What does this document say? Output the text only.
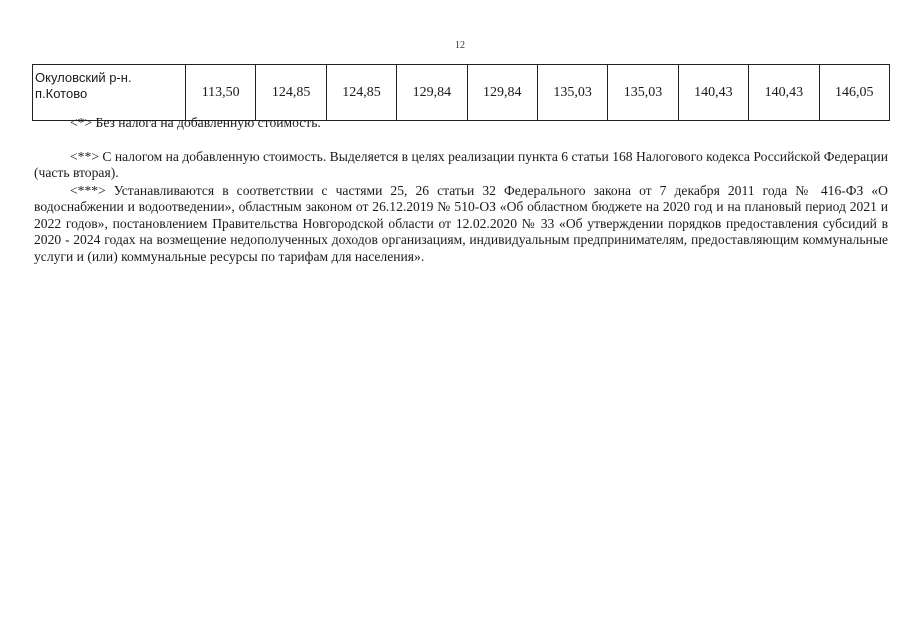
12
Окуловский р-н.
п.Котово	113,50	124,85	124,85	129,84	129,84	135,03	135,03	140,43	140,43	146,05

<*> Без налога на добавленную стоимость.

<**> С налогом на добавленную стоимость. Выделяется в целях реализации пункта 6 статьи 168 Налогового кодекса Российской Федерации (часть вторая).

<***> Устанавливаются в соответствии с частями 25, 26 статьи 32 Федерального закона от 7 декабря 2011 года № 416-ФЗ «О водоснабжении и водоотведении», областным законом от 26.12.2019 № 510-ОЗ «Об областном бюджете на 2020 год и на плановый период 2021 и 2022 годов», постановлением Правительства Новгородской области от 12.02.2020 № 33 «Об утверждении порядков предоставления субсидий в 2020 - 2024 годах на возмещение недополученных доходов организациям, индивидуальным предпринимателям, предоставляющим коммунальные услуги и (или) коммунальные ресурсы по тарифам для населения».
